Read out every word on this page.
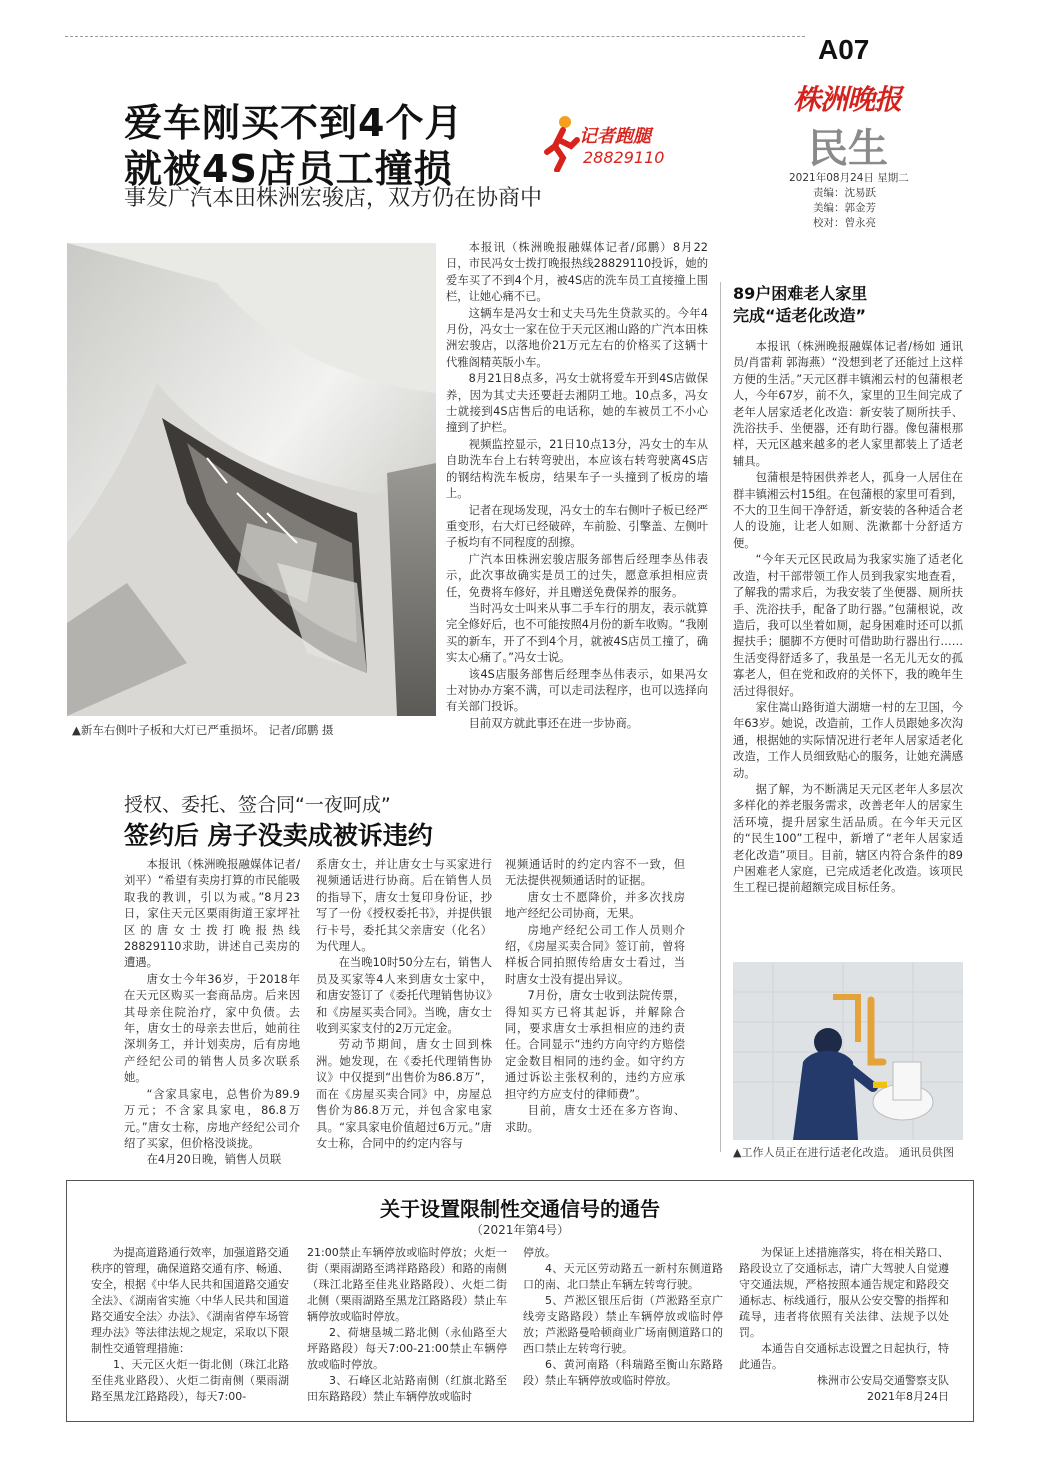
A07
株洲晚报
民生
2021年08月24日 星期二
责编：沈易跃
美编：郭金芳
校对：曾永亮
爱车刚买不到4个月
就被4S店员工撞损
事发广汽本田株洲宏骏店，双方仍在协商中
记者跑腿
28829110
▲新车右侧叶子板和大灯已严重损坏。 记者/邱鹏 摄

本报讯（株洲晚报融媒体记者/邱鹏）8月22日，市民冯女士拨打晚报热线28829110投诉，她的爱车买了不到4个月，被4S店的洗车员工直接撞上围栏，让她心痛不已。

这辆车是冯女士和丈夫马先生贷款买的。今年4月份，冯女士一家在位于天元区湘山路的广汽本田株洲宏骏店，以落地价21万元左右的价格买了这辆十代雅阁精英版小车。

8月21日8点多，冯女士就将爱车开到4S店做保养，因为其丈夫还要赶去湘阴工地。10点多，冯女士就接到4S店售后的电话称，她的车被员工不小心撞到了护栏。

视频监控显示，21日10点13分，冯女士的车从自助洗车台上右转弯驶出，本应该右转弯驶离4S店的钢结构洗车板房，结果车子一头撞到了板房的墙上。

记者在现场发现，冯女士的车右侧叶子板已经严重变形，右大灯已经破碎，车前脸、引擎盖、左侧叶子板均有不同程度的刮擦。

广汽本田株洲宏骏店服务部售后经理李丛伟表示，此次事故确实是员工的过失，愿意承担相应责任，免费将车修好，并且赠送免费保养的服务。

当时冯女士叫来从事二手车行的朋友，表示就算完全修好后，也不可能按照4月份的新车收购。“我刚买的新车，开了不到4个月，就被4S店员工撞了，确实太心痛了。”冯女士说。

该4S店服务部售后经理李丛伟表示，如果冯女士对协办方案不满，可以走司法程序，也可以选择向有关部门投诉。

目前双方就此事还在进一步协商。

89户困难老人家里
完成“适老化改造”

本报讯（株洲晚报融媒体记者/杨如 通讯员/肖雷莉 郭海燕）“没想到老了还能过上这样方便的生活。”天元区群丰镇湘云村的包蒲根老人，今年67岁，前不久，家里的卫生间完成了老年人居家适老化改造：新安装了厕所扶手、洗浴扶手、坐便器，还有助行器。像包蒲根那样，天元区越来越多的老人家里都装上了适老辅具。

包蒲根是特困供养老人，孤身一人居住在群丰镇湘云村15组。在包蒲根的家里可看到，不大的卫生间干净舒适，新安装的各种适合老人的设施，让老人如厕、洗漱都十分舒适方便。

“今年天元区民政局为我家实施了适老化改造，村干部带领工作人员到我家实地查看，了解我的需求后，为我安装了坐便器、厕所扶手、洗浴扶手，配备了助行器。”包蒲根说，改造后，我可以坐着如厕，起身困难时还可以抓握扶手；腿脚不方便时可借助助行器出行……生活变得舒适多了，我虽是一名无儿无女的孤寡老人，但在党和政府的关怀下，我的晚年生活过得很好。

家住嵩山路街道大湖塘一村的左卫国，今年63岁。她说，改造前，工作人员跟她多次沟通，根据她的实际情况进行老年人居家适老化改造，工作人员细致贴心的服务，让她充满感动。

据了解，为不断满足天元区老年人多层次多样化的养老服务需求，改善老年人的居家生活环境，提升居家生活品质。在今年天元区的“民生100”工程中，新增了“老年人居家适老化改造”项目。目前，辖区内符合条件的89户困难老人家庭，已完成适老化改造。该项民生工程已提前超额完成目标任务。

▲工作人员正在进行适老化改造。 通讯员供图
授权、委托、签合同“一夜呵成”
签约后 房子没卖成被诉违约

本报讯（株洲晚报融媒体记者/刘平）“希望有卖房打算的市民能吸取我的教训，引以为戒。”8月23日，家住天元区栗雨街道王家坪社区的唐女士拨打晚报热线28829110求助，讲述自己卖房的遭遇。

唐女士今年36岁，于2018年在天元区购买一套商品房。后来因其母亲住院治疗，家中负债。去年，唐女士的母亲去世后，她前往深圳务工，并计划卖房，后有房地产经纪公司的销售人员多次联系她。

“含家具家电，总售价为89.9万元；不含家具家电，86.8万元。”唐女士称，房地产经纪公司介绍了买家，但价格没谈拢。

在4月20日晚，销售人员联

系唐女士，并让唐女士与买家进行视频通话进行协商。后在销售人员的指导下，唐女士复印身份证，抄写了一份《授权委托书》，并提供银行卡号，委托其父亲唐安（化名）为代理人。

在当晚10时50分左右，销售人员及买家等4人来到唐女士家中，和唐安签订了《委托代理销售协议》和《房屋买卖合同》。当晚，唐女士收到买家支付的2万元定金。

劳动节期间，唐女士回到株洲。她发现，在《委托代理销售协议》中仅提到“出售价为86.8万”，而在《房屋买卖合同》中，房屋总售价为86.8万元，并包含家电家具。“家具家电价值超过6万元。”唐女士称，合同中的约定内容与

视频通话时的约定内容不一致，但无法提供视频通话时的证据。

唐女士不愿降价，并多次找房地产经纪公司协商，无果。

房地产经纪公司工作人员则介绍，《房屋买卖合同》签订前，曾将样板合同拍照传给唐女士看过，当时唐女士没有提出异议。

7月份，唐女士收到法院传票，得知买方已将其起诉，并解除合同，要求唐女士承担相应的违约责任。合同显示“违约方向守约方赔偿定金数目相同的违约金。如守约方通过诉讼主张权利的，违约方应承担守约方应支付的律师费”。

目前，唐女士还在多方咨询、求助。

关于设置限制性交通信号的通告
（2021年第4号）

为提高道路通行效率，加强道路交通秩序的管理，确保道路交通有序、畅通、安全，根据《中华人民共和国道路交通安全法》、《湖南省实施〈中华人民共和国道路交通安全法〉办法》、《湖南省停车场管理办法》等法律法规之规定，采取以下限制性交通管理措施：

1、天元区火炬一街北侧（珠江北路至佳兆业路段）、火炬二街南侧（栗雨湖路至黑龙江路路段），每天7:00-

21:00禁止车辆停放或临时停放；火炬一街（栗雨湖路至鸿祥路路段）和路的南侧（珠江北路至佳兆业路路段）、火炬二街北侧（栗雨湖路至黑龙江路路段）禁止车辆停放或临时停放。

2、荷塘垦城二路北侧（永仙路至大坪路路段）每天7:00-21:00禁止车辆停放或临时停放。

3、石峰区北站路南侧（红旗北路至田东路路段）禁止车辆停放或临时

停放。

4、天元区劳动路五一新村东侧道路口的南、北口禁止车辆左转弯行驶。

5、芦淞区银压后街（芦淞路至京广线旁支路路段）禁止车辆停放或临时停放；芦淞路曼哈顿商业广场南侧道路口的西口禁止左转弯行驶。

6、黄河南路（科瑞路至衡山东路路段）禁止车辆停放或临时停放。

为保证上述措施落实，将在相关路口、路段设立了交通标志，请广大驾驶人自觉遵守交通法规，严格按照本通告规定和路段交通标志、标线通行，服从公安交警的指挥和疏导，违者将依照有关法律、法规予以处罚。

本通告自交通标志设置之日起执行，特此通告。

株洲市公安局交通警察支队
2021年8月24日
